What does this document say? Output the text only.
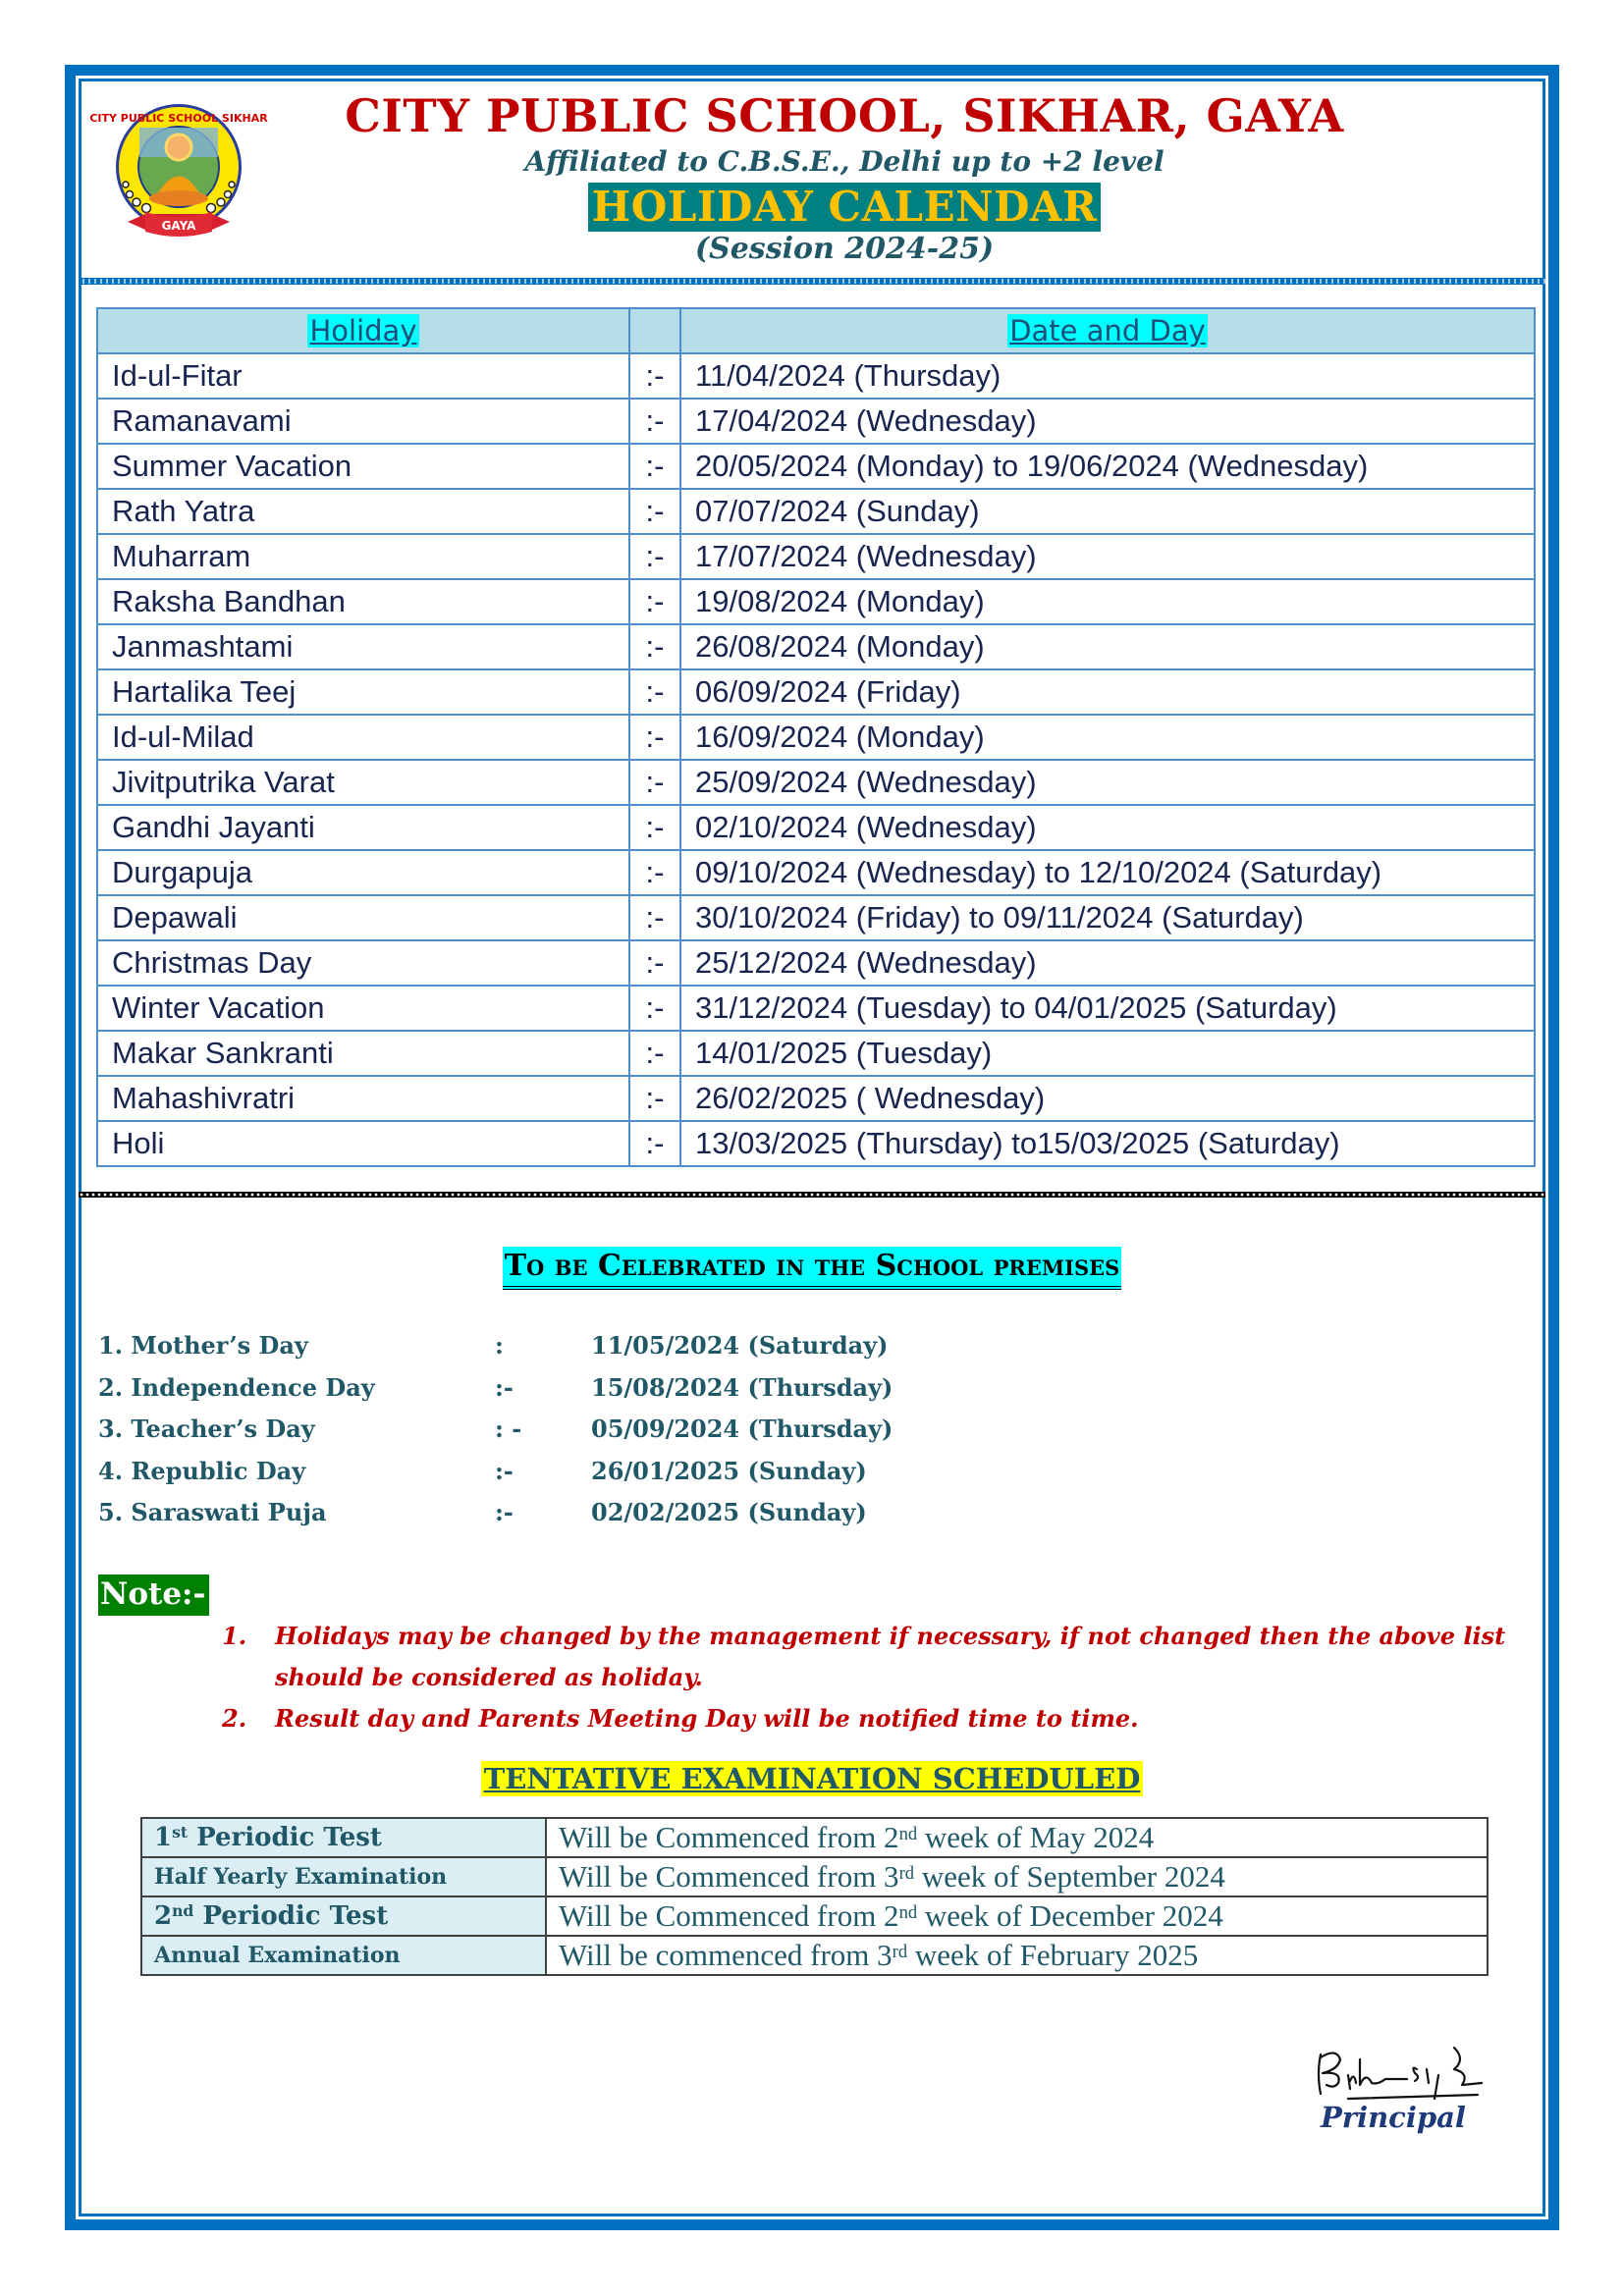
CITY PUBLIC SCHOOL SIKHAR
GAYA
CITY PUBLIC SCHOOL, SIKHAR, GAYA
Affiliated to C.B.S.E., Delhi up to +2 level
HOLIDAY CALENDAR
(Session 2024-25)
Holiday		Date and Day
Id-ul-Fitar	:-	11/04/2024 (Thursday)
Ramanavami	:-	17/04/2024 (Wednesday)
Summer Vacation	:-	20/05/2024 (Monday) to 19/06/2024 (Wednesday)
Rath Yatra	:-	07/07/2024 (Sunday)
Muharram	:-	17/07/2024 (Wednesday)
Raksha Bandhan	:-	19/08/2024 (Monday)
Janmashtami	:-	26/08/2024 (Monday)
Hartalika Teej	:-	06/09/2024 (Friday)
Id-ul-Milad	:-	16/09/2024 (Monday)
Jivitputrika Varat	:-	25/09/2024 (Wednesday)
Gandhi Jayanti	:-	02/10/2024 (Wednesday)
Durgapuja	:-	09/10/2024 (Wednesday) to 12/10/2024 (Saturday)
Depawali	:-	30/10/2024 (Friday) to 09/11/2024 (Saturday)
Christmas Day	:-	25/12/2024 (Wednesday)
Winter Vacation	:-	31/12/2024 (Tuesday) to 04/01/2025 (Saturday)
Makar Sankranti	:-	14/01/2025 (Tuesday)
Mahashivratri	:-	26/02/2025 ( Wednesday)
Holi	:-	13/03/2025 (Thursday) to15/03/2025 (Saturday)
To be Celebrated in the School premises
1. Mother’s Day	:	11/05/2024 (Saturday)
2. Independence Day	:-	15/08/2024 (Thursday)
3. Teacher’s Day	: -	05/09/2024 (Thursday)
4. Republic Day	:-	26/01/2025 (Sunday)
5. Saraswati Puja	:-	02/02/2025 (Sunday)
Note:-
1. Holidays may be changed by the management if necessary, if not changed then the above list should be considered as holiday.
2. Result day and Parents Meeting Day will be notified time to time.
TENTATIVE EXAMINATION SCHEDULED
1st Periodic Test	Will be Commenced from 2nd week of May 2024
Half Yearly Examination	Will be Commenced from 3rd week of September 2024
2nd Periodic Test	Will be Commenced from 2nd week of December 2024
Annual Examination	Will be commenced from 3rd week of February 2025
Principal
